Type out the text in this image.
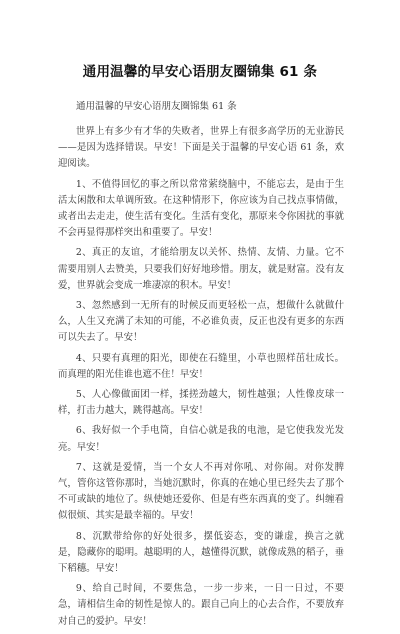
通用温馨的早安心语朋友圈锦集 61 条
通用温馨的早安心语朋友圈锦集 61 条

世界上有多少有才华的失败者，世界上有很多高学历的无业游民——是因为选择错误。早安！下面是关于温馨的早安心语 61 条，欢迎阅读。

1、不值得回忆的事之所以常常萦绕脑中，不能忘去，是由于生活太闲散和太单调所致。在这种情形下，你应该为自己找点事情做，或者出去走走，使生活有变化。生活有变化，那原来令你困扰的事就不会再显得那样突出和重要了。早安！

2、真正的友谊，才能给朋友以关怀、热情、友情、力量。它不需要用别人去赞美，只要我们好好地珍惜。朋友，就是财富。没有友爱，世界就会变成一堆凄凉的积木。早安！

3、忽然感到一无所有的时候反而更轻松一点，想做什么就做什么，人生又充满了未知的可能，不必谁负责，反正也没有更多的东西可以失去了。早安！

4、只要有真理的阳光，即使在石缝里，小草也照样茁壮成长。而真理的阳光佳谁也遮不住！早安！

5、人心像做面团一样，揉搓劲越大，韧性越强；人性像皮球一样，打击力越大，跳得越高。早安！

6、我好似一个手电筒，自信心就是我的电池，是它使我发光发亮。早安！

7、这就是爱情，当一个女人不再对你吼、对你闹。对你发脾气，管你这管你那时，当她沉默时，你真的在她心里已经失去了那个不可或缺的地位了。纵使她还爱你、但是有些东西真的变了。纠缠看似很烦、其实是最幸福的。早安！

8、沉默带给你的好处很多，摆低姿态，变的谦虚，换言之就是，隐藏你的聪明。越聪明的人，越懂得沉默，就像成熟的稻子，垂下稻穗。早安！

9、给自己时间，不要焦急，一步一步来，一日一日过，不要急，请相信生命的韧性是惊人的。跟自己向上的心去合作，不要放弃对自己的爱护。早安！
